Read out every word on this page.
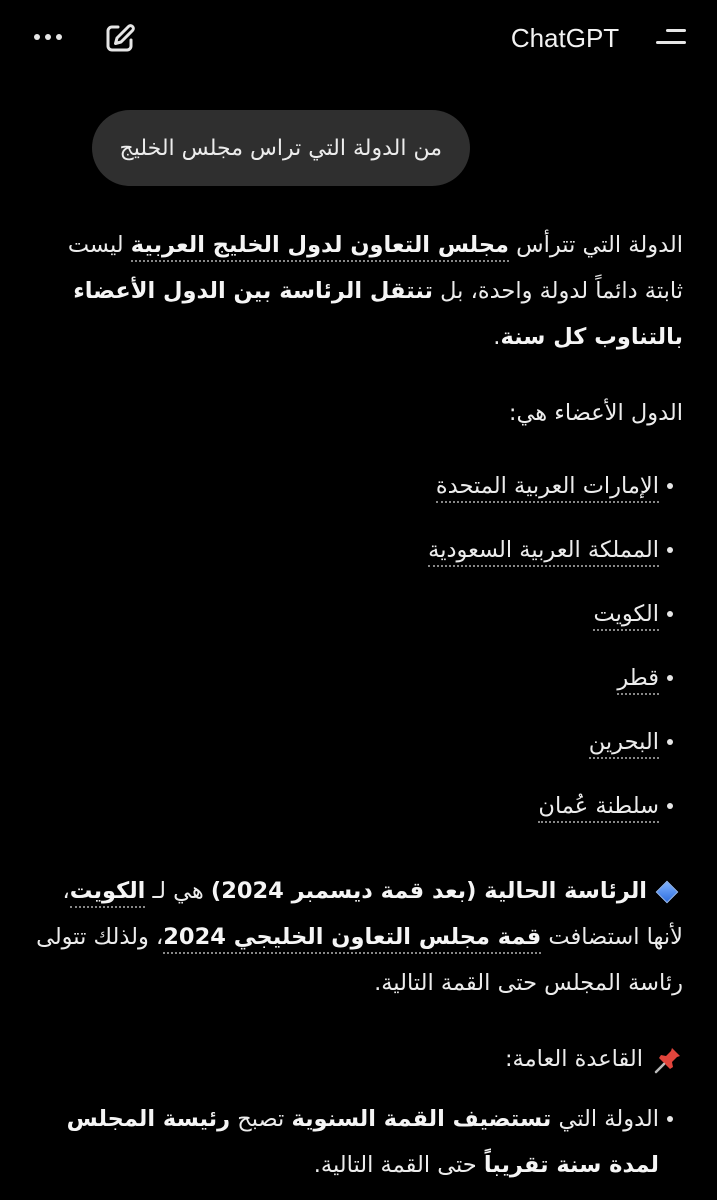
ChatGPT
من الدولة التي تراس مجلس الخليج

الدولة التي تترأس مجلس التعاون لدول الخليج العربية ليست ثابتة دائماً لدولة واحدة، بل تنتقل الرئاسة بين الدول الأعضاء بالتناوب كل سنة.

الدول الأعضاء هي:

الإمارات العربية المتحدة
المملكة العربية السعودية
الكويت
قطر
البحرين
سلطنة عُمان

الرئاسة الحالية (بعد قمة ديسمبر 2024) هي لـ الكويت، لأنها استضافت قمة مجلس التعاون الخليجي 2024، ولذلك تتولى رئاسة المجلس حتى القمة التالية.

القاعدة العامة:

الدولة التي تستضيف القمة السنوية تصبح رئيسة المجلس لمدة سنة تقريباً حتى القمة التالية.
